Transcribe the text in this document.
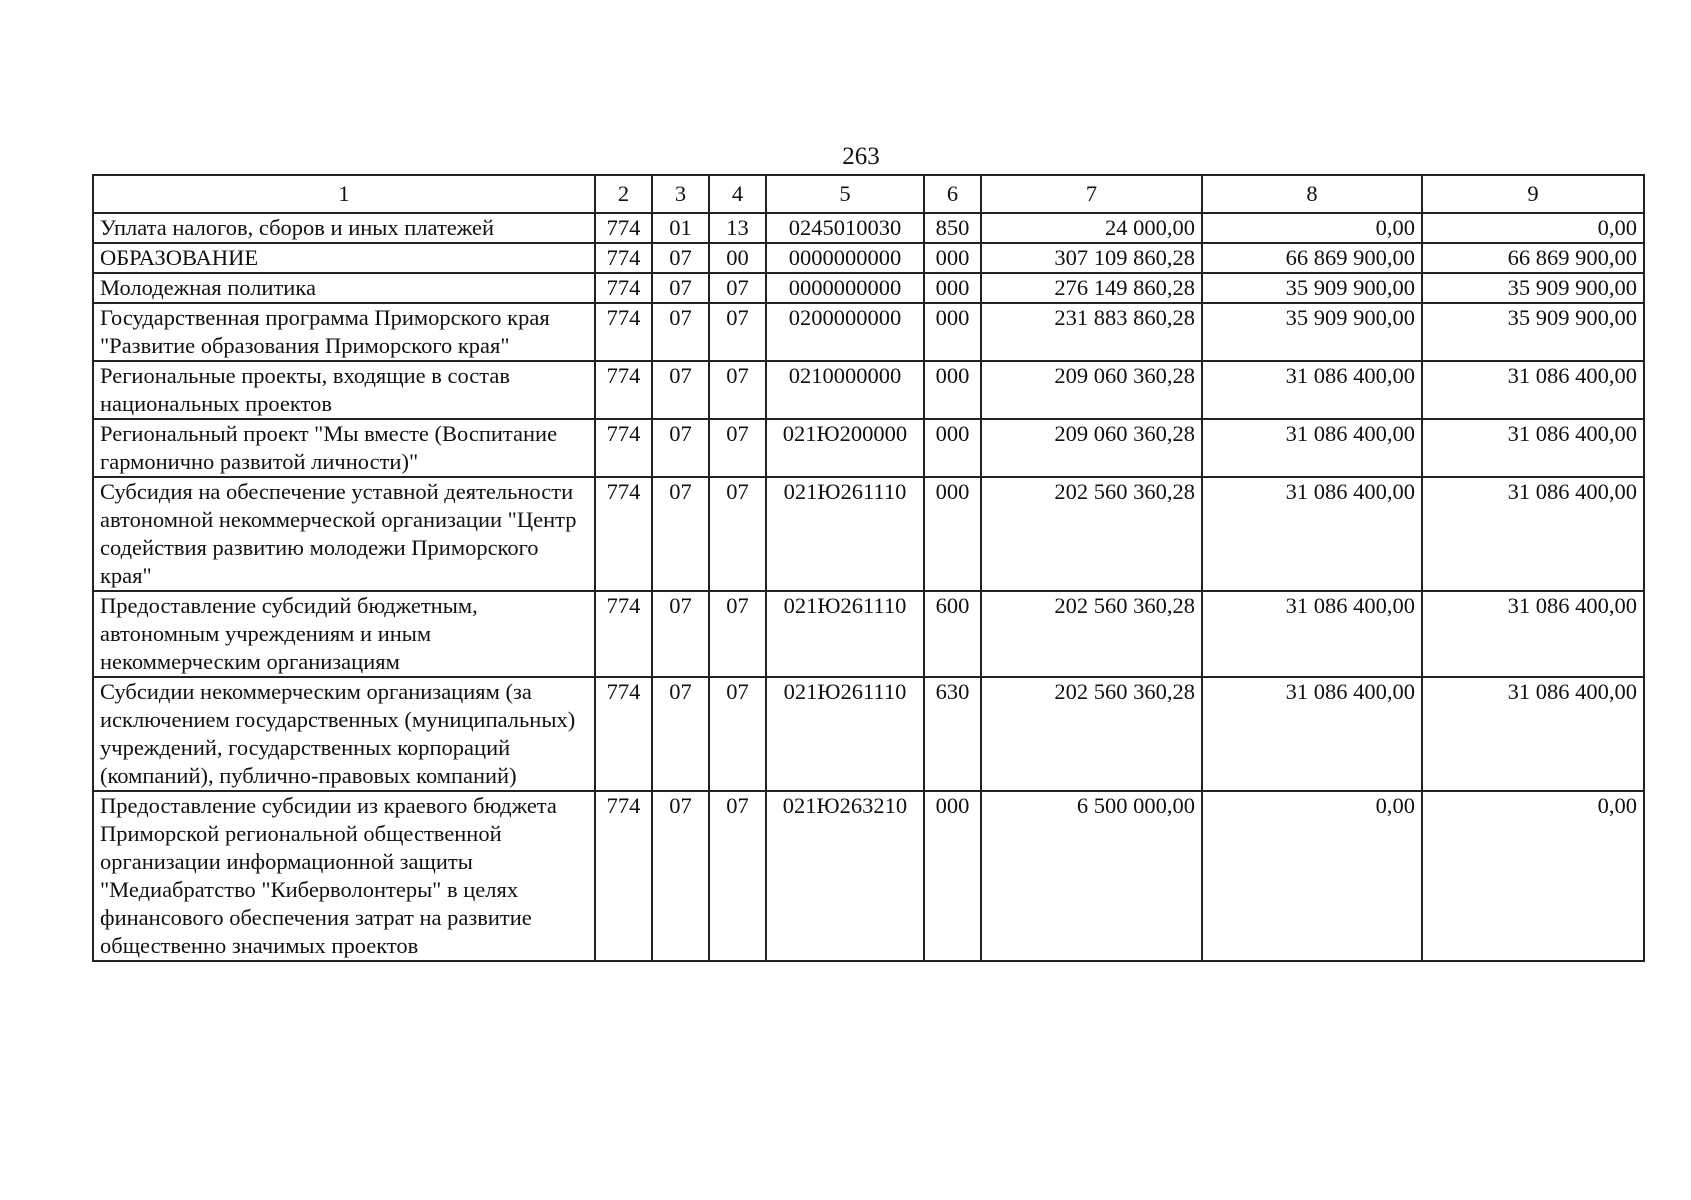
263
1	2	3	4	5	6	7	8	9
Уплата налогов, сборов и иных платежей	774	01	13	0245010030	850	24 000,00	0,00	0,00
ОБРАЗОВАНИЕ	774	07	00	0000000000	000	307 109 860,28	66 869 900,00	66 869 900,00
Молодежная политика	774	07	07	0000000000	000	276 149 860,28	35 909 900,00	35 909 900,00
Государственная программа Приморского края "Развитие образования Приморского края"	774	07	07	0200000000	000	231 883 860,28	35 909 900,00	35 909 900,00
Региональные проекты, входящие в состав национальных проектов	774	07	07	0210000000	000	209 060 360,28	31 086 400,00	31 086 400,00
Региональный проект "Мы вместе (Воспитание гармонично развитой личности)"	774	07	07	021Ю200000	000	209 060 360,28	31 086 400,00	31 086 400,00
Субсидия на обеспечение уставной деятельности автономной некоммерческой организации "Центр содействия развитию молодежи Приморского края"	774	07	07	021Ю261110	000	202 560 360,28	31 086 400,00	31 086 400,00
Предоставление субсидий бюджетным, автономным учреждениям и иным некоммерческим организациям	774	07	07	021Ю261110	600	202 560 360,28	31 086 400,00	31 086 400,00
Субсидии некоммерческим организациям (за исключением государственных (муниципальных) учреждений, государственных корпораций (компаний), публично-правовых компаний)	774	07	07	021Ю261110	630	202 560 360,28	31 086 400,00	31 086 400,00
Предоставление субсидии из краевого бюджета Приморской региональной общественной организации информационной защиты "Медиабратство "Киберволонтеры" в целях финансового обеспечения затрат на развитие общественно значимых проектов	774	07	07	021Ю263210	000	6 500 000,00	0,00	0,00
